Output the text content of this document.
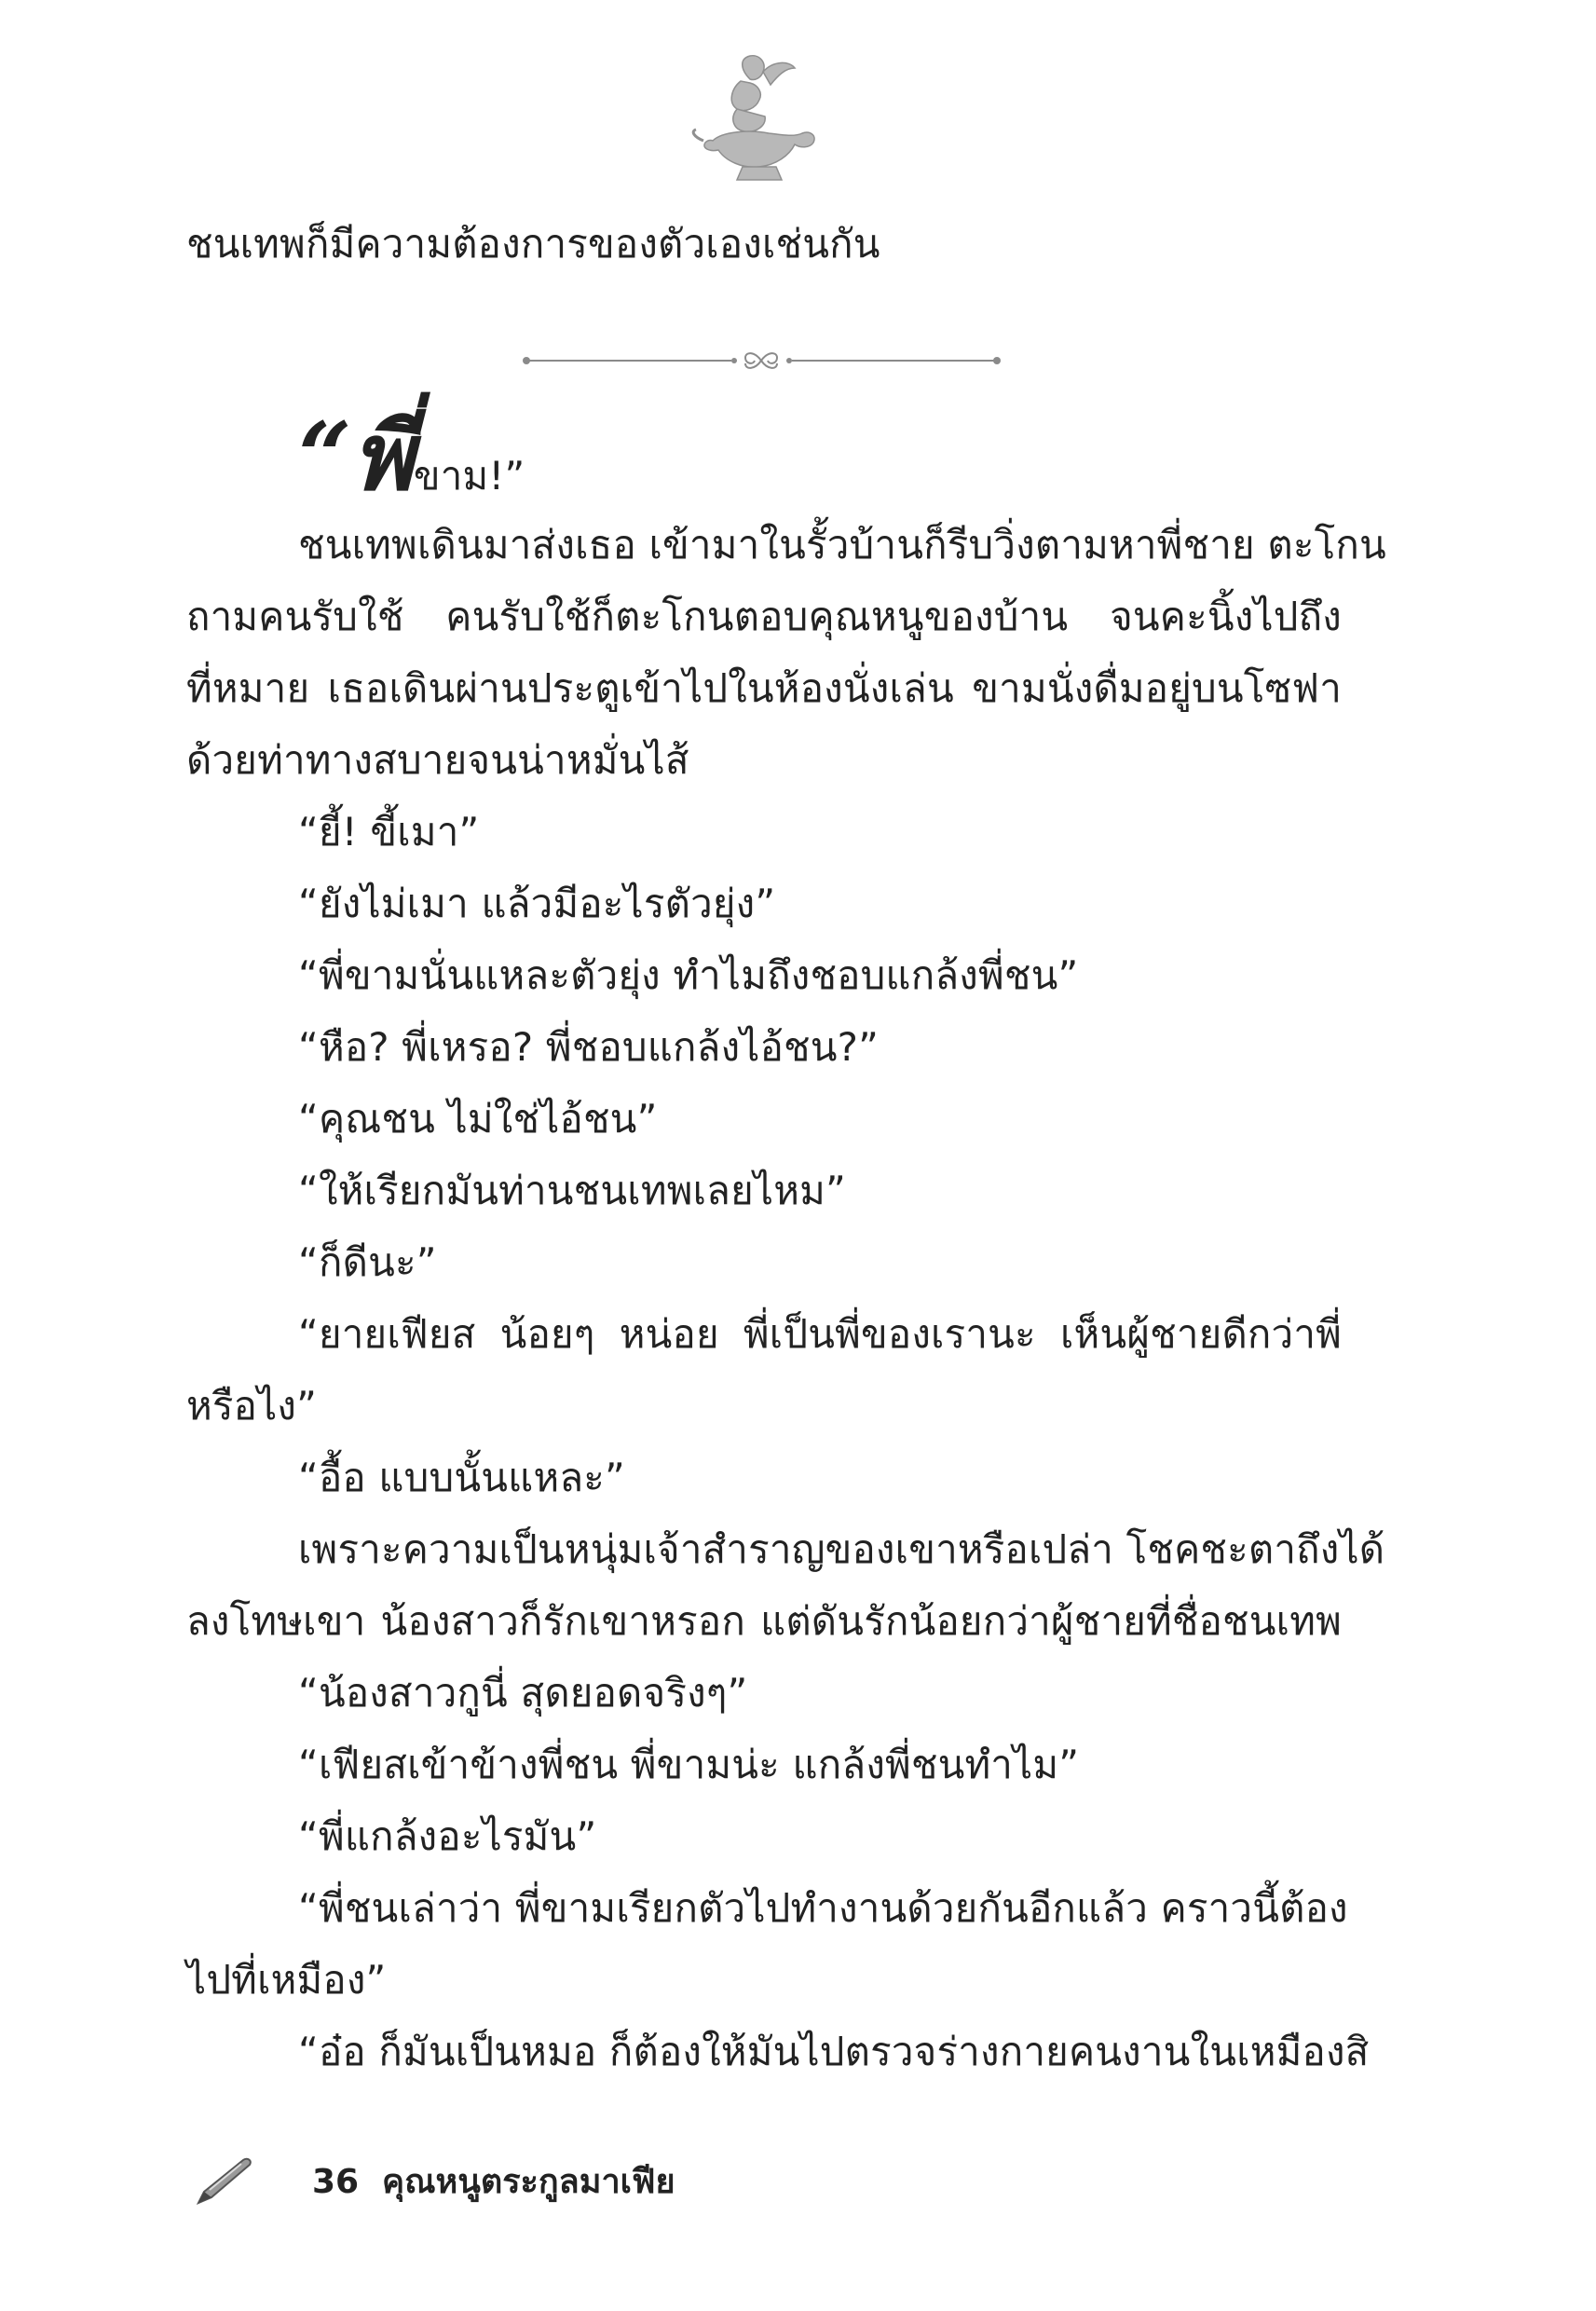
ชนเทพก็มีความต้องการของตัวเองเช่นกัน
“พี่ขาม!”
ชนเทพเดินมาส่งเธอ เข้ามาในรั้วบ้านก็รีบวิ่งตามหาพี่ชาย ตะโกน
ถามคนรับใช้ คนรับใช้ก็ตะโกนตอบคุณหนูของบ้าน จนคะนิ้งไปถึง
ที่หมาย เธอเดินผ่านประตูเข้าไปในห้องนั่งเล่น ขามนั่งดื่มอยู่บนโซฟา
ด้วยท่าทางสบายจนน่าหมั่นไส้
“ยี้! ขี้เมา”
“ยังไม่เมา แล้วมีอะไรตัวยุ่ง”
“พี่ขามนั่นแหละตัวยุ่ง ทำไมถึงชอบแกล้งพี่ชน”
“หือ? พี่เหรอ? พี่ชอบแกล้งไอ้ชน?”
“คุณชน ไม่ใช่ไอ้ชน”
“ให้เรียกมันท่านชนเทพเลยไหม”
“ก็ดีนะ”
“ยายเฟียส น้อยๆ หน่อย พี่เป็นพี่ของเรานะ เห็นผู้ชายดีกว่าพี่
หรือไง”
“อื้อ แบบนั้นแหละ”
เพราะความเป็นหนุ่มเจ้าสำราญของเขาหรือเปล่า โชคชะตาถึงได้
ลงโทษเขา น้องสาวก็รักเขาหรอก แต่ดันรักน้อยกว่าผู้ชายที่ชื่อชนเทพ
“น้องสาวกูนี่ สุดยอดจริงๆ”
“เฟียสเข้าข้างพี่ชน พี่ขามน่ะ แกล้งพี่ชนทำไม”
“พี่แกล้งอะไรมัน”
“พี่ชนเล่าว่า พี่ขามเรียกตัวไปทำงานด้วยกันอีกแล้ว คราวนี้ต้อง
ไปที่เหมือง”
“อ๋อ ก็มันเป็นหมอ ก็ต้องให้มันไปตรวจร่างกายคนงานในเหมืองสิ
36 คุณหนูตระกูลมาเฟีย
